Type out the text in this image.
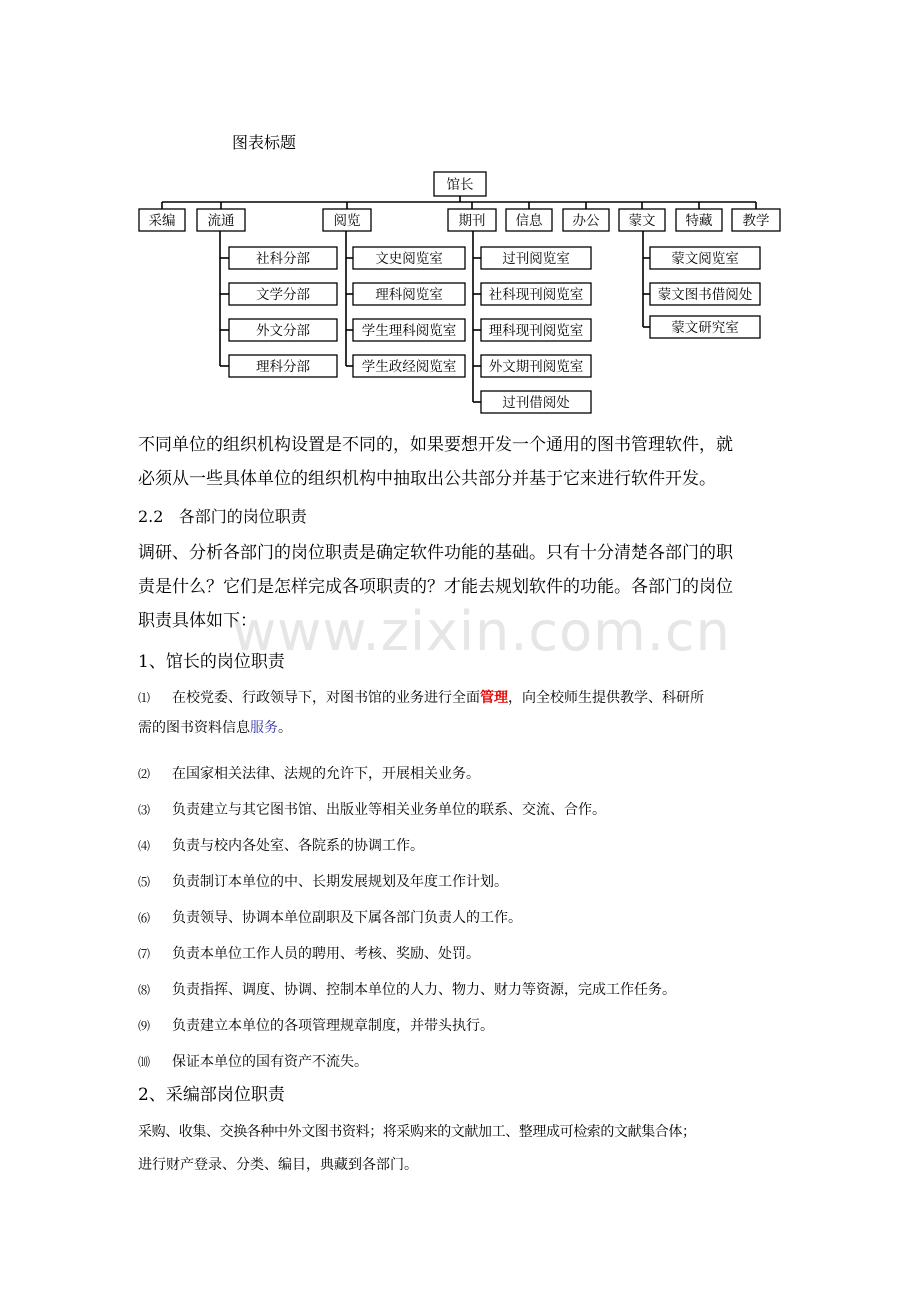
图表标题
馆长
采编 流通	阅览	期刊 信息 办公 蒙文 特藏 教学
社科分部
文学分部
外文分部
理科分部
文史阅览室
理科阅览室
学生理科阅览室
学生政经阅览室
过刊阅览室
社科现刊阅览室
理科现刊阅览室
外文期刊阅览室
过刊借阅处
蒙文阅览室
蒙文图书借阅处
蒙文研究室
www.zixin.com.cn
不同单位的组织机构设置是不同的，如果要想开发一个通用的图书管理软件，就
必须从一些具体单位的组织机构中抽取出公共部分并基于它来进行软件开发。
2.2 各部门的岗位职责
调研、分析各部门的岗位职责是确定软件功能的基础。只有十分清楚各部门的职
责是什么？它们是怎样完成各项职责的？才能去规划软件的功能。各部门的岗位
职责具体如下：
1、馆长的岗位职责
⑴ 在校党委、行政领导下，对图书馆的业务进行全面管理，向全校师生提供教学、科研所
需的图书资料信息服务。
⑵ 在国家相关法律、法规的允许下，开展相关业务。
⑶ 负责建立与其它图书馆、出版业等相关业务单位的联系、交流、合作。
⑷ 负责与校内各处室、各院系的协调工作。
⑸ 负责制订本单位的中、长期发展规划及年度工作计划。
⑹ 负责领导、协调本单位副职及下属各部门负责人的工作。
⑺ 负责本单位工作人员的聘用、考核、奖励、处罚。
⑻ 负责指挥、调度、协调、控制本单位的人力、物力、财力等资源，完成工作任务。
⑼ 负责建立本单位的各项管理规章制度，并带头执行。
⑽ 保证本单位的国有资产不流失。
2、采编部岗位职责
采购、收集、交换各种中外文图书资料；将采购来的文献加工、整理成可检索的文献集合体；
进行财产登录、分类、编目，典藏到各部门。
